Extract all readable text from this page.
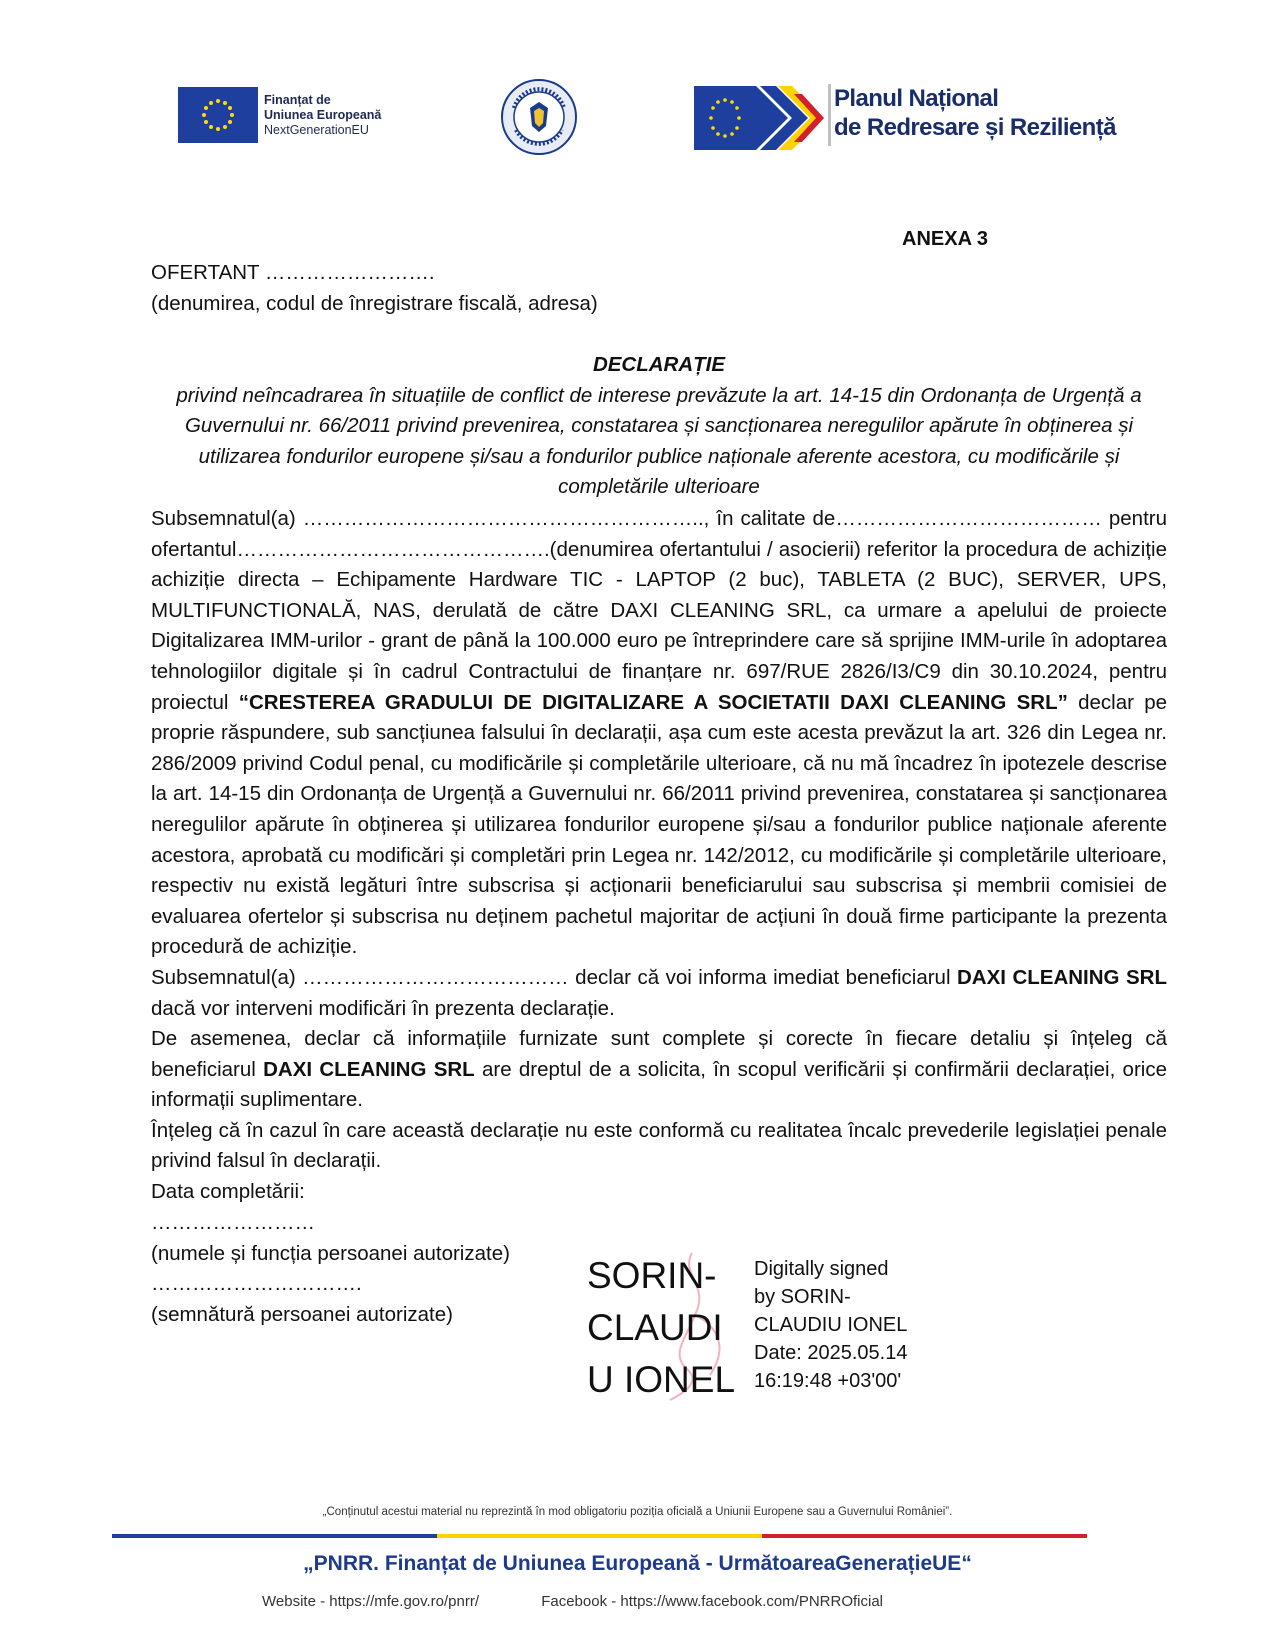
Finanțat de
Uniunea Europeană
NextGenerationEU
Planul Național
de Redresare și Reziliență
ANEXA 3
OFERTANT …………………….
(denumirea, codul de înregistrare fiscală, adresa)
DECLARAȚIE
privind neîncadrarea în situațiile de conflict de interese prevăzute la art. 14-15 din Ordonanța de Urgență a Guvernului nr. 66/2011 privind prevenirea, constatarea și sancționarea neregulilor apărute în obținerea și utilizarea fondurilor europene și/sau a fondurilor publice naționale aferente acestora, cu modificările și completările ulterioare

Subsemnatul(a) ………………………………………………….., în calitate de………………………………… pentru ofertantul……………………………………….(denumirea ofertantului / asocierii) referitor la procedura de achiziție achiziție directa – Echipamente Hardware TIC - LAPTOP (2 buc), TABLETA (2 BUC), SERVER, UPS, MULTIFUNCTIONALĂ, NAS, derulată de către DAXI CLEANING SRL, ca urmare a apelului de proiecte Digitalizarea IMM-urilor - grant de până la 100.000 euro pe întreprindere care să sprijine IMM-urile în adoptarea tehnologiilor digitale și în cadrul Contractului de finanțare nr. 697/RUE 2826/I3/C9 din 30.10.2024, pentru proiectul “CRESTEREA GRADULUI DE DIGITALIZARE A SOCIETATII DAXI CLEANING SRL” declar pe proprie răspundere, sub sancțiunea falsului în declarații, așa cum este acesta prevăzut la art. 326 din Legea nr. 286/2009 privind Codul penal, cu modificările și completările ulterioare, că nu mă încadrez în ipotezele descrise la art. 14-15 din Ordonanța de Urgență a Guvernului nr. 66/2011 privind prevenirea, constatarea și sancționarea neregulilor apărute în obținerea și utilizarea fondurilor europene și/sau a fondurilor publice naționale aferente acestora, aprobată cu modificări și completări prin Legea nr. 142/2012, cu modificările și completările ulterioare, respectiv nu există legături între subscrisa și acționarii beneficiarului sau subscrisa și membrii comisiei de evaluarea ofertelor și subscrisa nu deținem pachetul majoritar de acțiuni în două firme participante la prezenta procedură de achiziție.

Subsemnatul(a) ………………………………… declar că voi informa imediat beneficiarul DAXI CLEANING SRL dacă vor interveni modificări în prezenta declarație.

De asemenea, declar că informațiile furnizate sunt complete și corecte în fiecare detaliu și înțeleg că beneficiarul DAXI CLEANING SRL are dreptul de a solicita, în scopul verificării și confirmării declarației, orice informații suplimentare.

Înțeleg că în cazul în care această declarație nu este conformă cu realitatea încalc prevederile legislației penale privind falsul în declarații.

Data completării:

……………………
(numele și funcția persoanei autorizate)
………………………….
(semnătură persoanei autorizate)
SORIN-
CLAUDI
U IONEL
Digitally signed
by SORIN-
CLAUDIU IONEL
Date: 2025.05.14
16:19:48 +03'00'
„Conținutul acestui material nu reprezintă în mod obligatoriu poziția oficială a Uniunii Europene sau a Guvernului României”.
„PNRR. Finanțat de Uniunea Europeană - UrmătoareaGenerațieUE“
Website - https://mfe.gov.ro/pnrr/	Facebook - https://www.facebook.com/PNRROficial
